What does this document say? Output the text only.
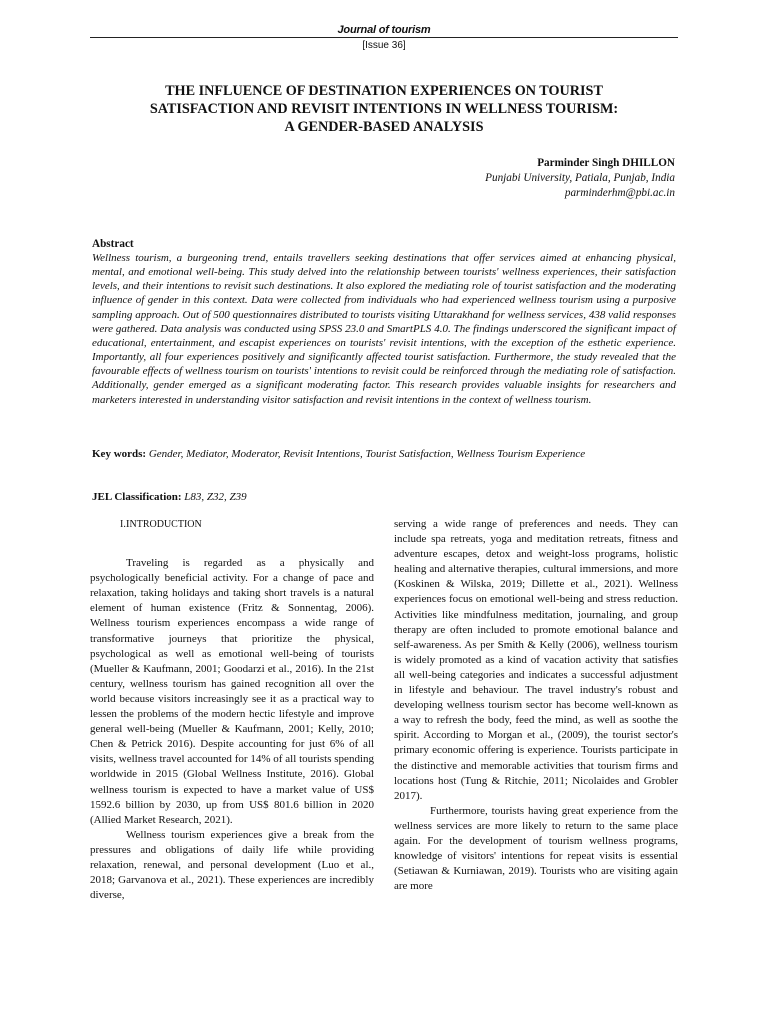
Journal of tourism
[Issue 36]
THE INFLUENCE OF DESTINATION EXPERIENCES ON TOURIST
SATISFACTION AND REVISIT INTENTIONS IN WELLNESS TOURISM:
A GENDER-BASED ANALYSIS
Parminder Singh DHILLON
Punjabi University, Patiala, Punjab, India
parminderhm@pbi.ac.in
Abstract
Wellness tourism, a burgeoning trend, entails travellers seeking destinations that offer services aimed at enhancing physical, mental, and emotional well-being. This study delved into the relationship between tourists' wellness experiences, their satisfaction levels, and their intentions to revisit such destinations. It also explored the mediating role of tourist satisfaction and the moderating influence of gender in this context. Data were collected from individuals who had experienced wellness tourism using a purposive sampling approach. Out of 500 questionnaires distributed to tourists visiting Uttarakhand for wellness services, 438 valid responses were gathered. Data analysis was conducted using SPSS 23.0 and SmartPLS 4.0. The findings underscored the significant impact of educational, entertainment, and escapist experiences on tourists' revisit intentions, with the exception of the esthetic experience. Importantly, all four experiences positively and significantly affected tourist satisfaction. Furthermore, the study revealed that the favourable effects of wellness tourism on tourists' intentions to revisit could be reinforced through the mediating role of satisfaction. Additionally, gender emerged as a significant moderating factor. This research provides valuable insights for researchers and marketers interested in understanding visitor satisfaction and revisit intentions in the context of wellness tourism.
Key words: Gender, Mediator, Moderator, Revisit Intentions, Tourist Satisfaction, Wellness Tourism Experience
JEL Classification: L83, Z32, Z39
I.INTRODUCTION

Traveling is regarded as a physically and psychologically beneficial activity. For a change of pace and relaxation, taking holidays and taking short travels is a natural element of human existence (Fritz & Sonnentag, 2006). Wellness tourism experiences encompass a wide range of transformative journeys that prioritize the physical, psychological as well as emotional well-being of tourists (Mueller & Kaufmann, 2001; Goodarzi et al., 2016). In the 21st century, wellness tourism has gained recognition all over the world because visitors increasingly see it as a practical way to lessen the problems of the modern hectic lifestyle and improve general well-being (Mueller & Kaufmann, 2001; Kelly, 2010; Chen & Petrick 2016). Despite accounting for just 6% of all visits, wellness travel accounted for 14% of all tourists spending worldwide in 2015 (Global Wellness Institute, 2016). Global wellness tourism is expected to have a market value of US$ 1592.6 billion by 2030, up from US$ 801.6 billion in 2020 (Allied Market Research, 2021).

Wellness tourism experiences give a break from the pressures and obligations of daily life while providing relaxation, renewal, and personal development (Luo et al., 2018; Garvanova et al., 2021). These experiences are incredibly diverse,

serving a wide range of preferences and needs. They can include spa retreats, yoga and meditation retreats, fitness and adventure escapes, detox and weight-loss programs, holistic healing and alternative therapies, cultural immersions, and more (Koskinen & Wilska, 2019; Dillette et al., 2021). Wellness experiences focus on emotional well-being and stress reduction. Activities like mindfulness meditation, journaling, and group therapy are often included to promote emotional balance and self-awareness. As per Smith & Kelly (2006), wellness tourism is widely promoted as a kind of vacation activity that satisfies all well-being categories and indicates a successful adjustment in lifestyle and behaviour. The travel industry's robust and developing wellness tourism sector has become well-known as a way to refresh the body, feed the mind, as well as soothe the spirit. According to Morgan et al., (2009), the tourist sector's primary economic offering is experience. Tourists participate in the distinctive and memorable activities that tourism firms and locations host (Tung & Ritchie, 2011; Nicolaides and Grobler 2017).

Furthermore, tourists having great experience from the wellness services are more likely to return to the same place again. For the development of tourism wellness programs, knowledge of visitors' intentions for repeat visits is essential (Setiawan & Kurniawan, 2019). Tourists who are visiting again are more
